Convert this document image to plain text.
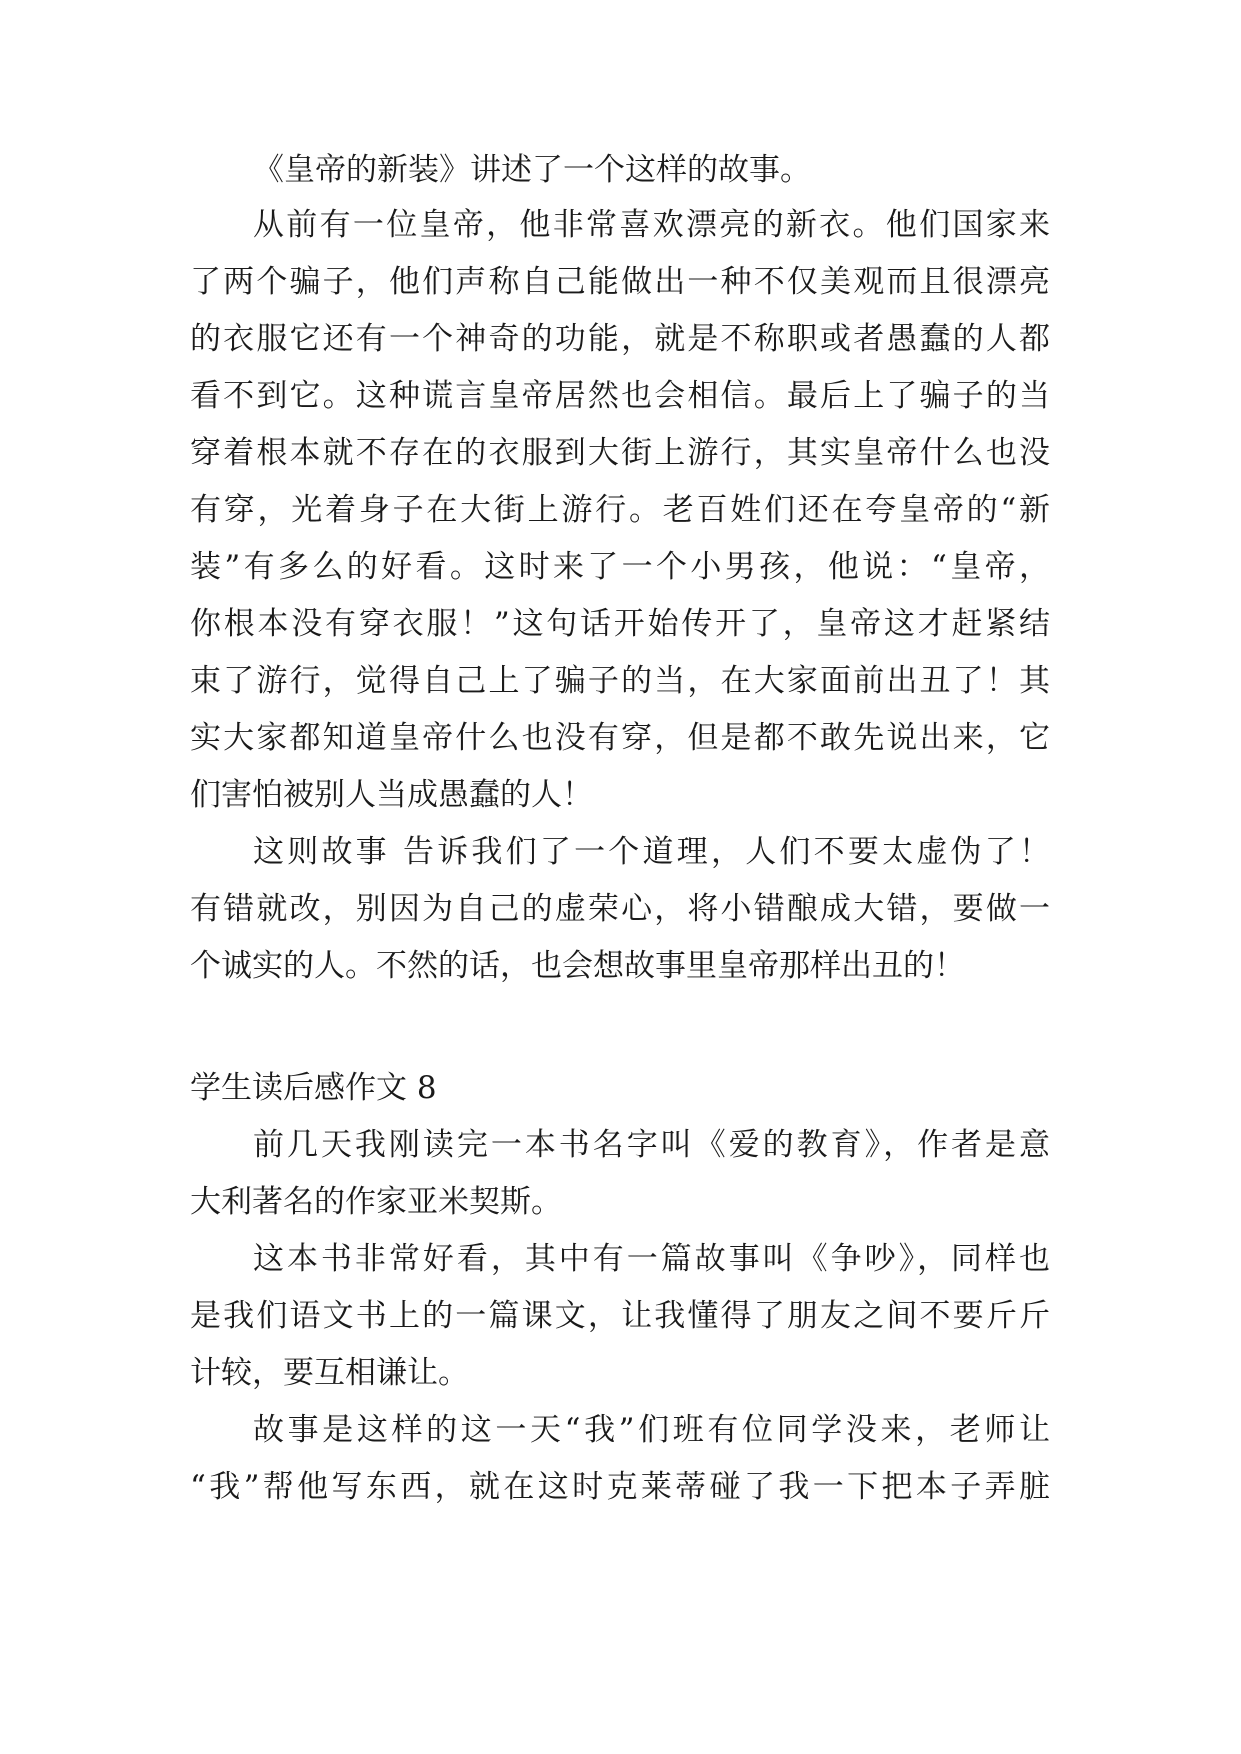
《皇帝的新装》讲述了一个这样的故事。
从前有一位皇帝，他非常喜欢漂亮的新衣。他们国家来
了两个骗子，他们声称自己能做出一种不仅美观而且很漂亮
的衣服它还有一个神奇的功能，就是不称职或者愚蠢的人都
看不到它。这种谎言皇帝居然也会相信。最后上了骗子的当
穿着根本就不存在的衣服到大街上游行，其实皇帝什么也没
有穿，光着身子在大街上游行。老百姓们还在夸皇帝的“新
装”有多么的好看。这时来了一个小男孩，他说：“皇帝，
你根本没有穿衣服！”这句话开始传开了，皇帝这才赶紧结
束了游行，觉得自己上了骗子的当，在大家面前出丑了！其
实大家都知道皇帝什么也没有穿，但是都不敢先说出来，它
们害怕被别人当成愚蠢的人！
这则故事 告诉我们了一个道理，人们不要太虚伪了！
有错就改，别因为自己的虚荣心，将小错酿成大错，要做一
个诚实的人。不然的话，也会想故事里皇帝那样出丑的！
学生读后感作文 8
前几天我刚读完一本书名字叫《爱的教育》，作者是意
大利著名的作家亚米契斯。
这本书非常好看，其中有一篇故事叫《争吵》，同样也
是我们语文书上的一篇课文，让我懂得了朋友之间不要斤斤
计较，要互相谦让。
故事是这样的这一天“我”们班有位同学没来，老师让
“我”帮他写东西，就在这时克莱蒂碰了我一下把本子弄脏
